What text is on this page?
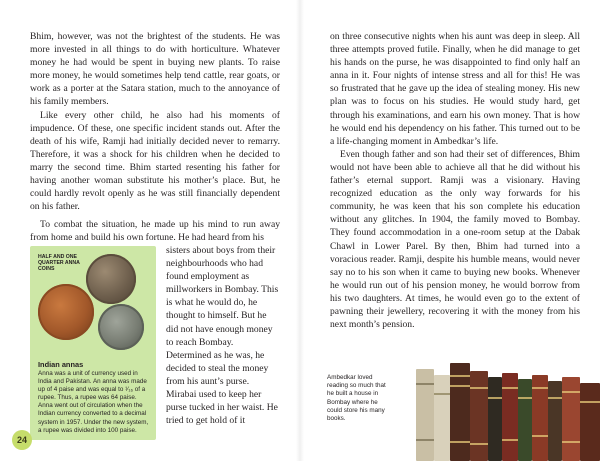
Bhim, however, was not the brightest of the students. He was more invested in all things to do with horticulture. Whatever money he had would be spent in buying new plants. To raise more money, he would sometimes help tend cattle, rear goats, or work as a porter at the Satara station, much to the annoyance of his family members.

Like every other child, he also had his moments of impudence. Of these, one specific incident stands out. After the death of his wife, Ramji had initially decided never to remarry. Therefore, it was a shock for his children when he decided to marry the second time. Bhim started resenting his father for having another woman substitute his mother’s place. But, he could hardly revolt openly as he was still financially dependent on his father.

To combat the situation, he made up his mind to run away from home and build his own fortune. He had heard from his

sisters about boys from their neighbourhoods who had found employment as millworkers in Bombay. This is what he would do, he thought to himself. But he did not have enough money to reach Bombay. Determined as he was, he decided to steal the money from his aunt’s purse. Mirabai used to keep her purse tucked in her waist. He tried to get hold of it

HALF AND ONE QUARTER ANNA COINS
Indian annas
Anna was a unit of currency used in India and Pakistan. An anna was made up of 4 paise and was equal to ¹⁄₁₆ of a rupee. Thus, a rupee was 64 paise. Anna went out of circulation when the Indian currency converted to a decimal system in 1957. Under the new system, a rupee was divided into 100 paise.
24

on three consecutive nights when his aunt was deep in sleep. All three attempts proved futile. Finally, when he did manage to get his hands on the purse, he was disappointed to find only half an anna in it. Four nights of intense stress and all for this! He was so frustrated that he gave up the idea of stealing money. His new plan was to focus on his studies. He would study hard, get through his examinations, and earn his own money. That is how he would end his dependency on his father. This turned out to be a life-changing moment in Ambedkar’s life.

Even though father and son had their set of differences, Bhim would not have been able to achieve all that he did without his father’s eternal support. Ramji was a visionary. Having recognized education as the only way forwards for his community, he was keen that his son complete his education without any glitches. In 1904, the family moved to Bombay. They found accommodation in a one-room setup at the Dabak Chawl in Lower Parel. By then, Bhim had turned into a voracious reader. Ramji, despite his humble means, would never say no to his son when it came to buying new books. Whenever he would run out of his pension money, he would borrow from his two daughters. At times, he would even go to the extent of pawning their jewellery, recovering it with the money from his next month’s pension.

Ambedkar loved reading so much that he built a house in Bombay where he could store his many books.
